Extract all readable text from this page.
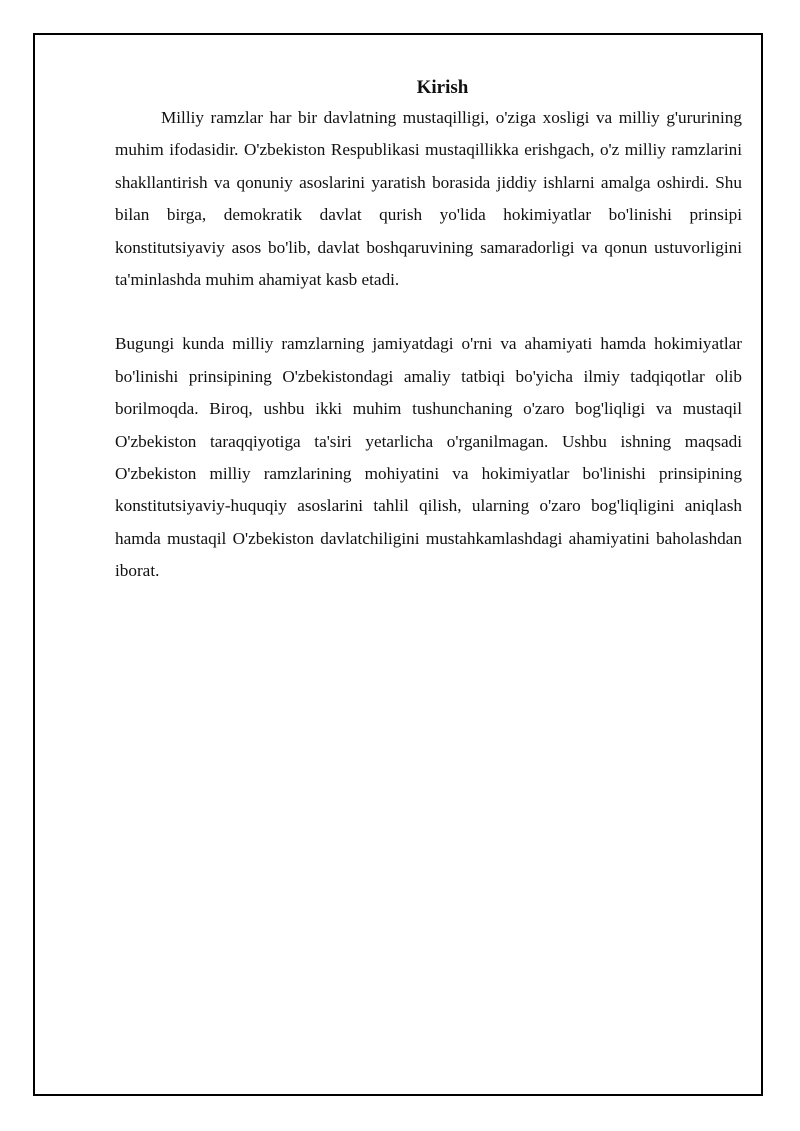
Kirish

Milliy ramzlar har bir davlatning mustaqilligi, o'ziga xosligi va milliy g'ururining muhim ifodasidir. O'zbekiston Respublikasi mustaqillikka erishgach, o'z milliy ramzlarini shakllantirish va qonuniy asoslarini yaratish borasida jiddiy ishlarni amalga oshirdi. Shu bilan birga, demokratik davlat qurish yo'lida hokimiyatlar bo'linishi prinsipi konstitutsiyaviy asos bo'lib, davlat boshqaruvining samaradorligi va qonun ustuvorligini ta'minlashda muhim ahamiyat kasb etadi.

Bugungi kunda milliy ramzlarning jamiyatdagi o'rni va ahamiyati hamda hokimiyatlar bo'linishi prinsipining O'zbekistondagi amaliy tatbiqi bo'yicha ilmiy tadqiqotlar olib borilmoqda. Biroq, ushbu ikki muhim tushunchaning o'zaro bog'liqligi va mustaqil O'zbekiston taraqqiyotiga ta'siri yetarlicha o'rganilmagan. Ushbu ishning maqsadi O'zbekiston milliy ramzlarining mohiyatini va hokimiyatlar bo'linishi prinsipining konstitutsiyaviy-huquqiy asoslarini tahlil qilish, ularning o'zaro bog'liqligini aniqlash hamda mustaqil O'zbekiston davlatchiligini mustahkamlashdagi ahamiyatini baholashdan iborat.
